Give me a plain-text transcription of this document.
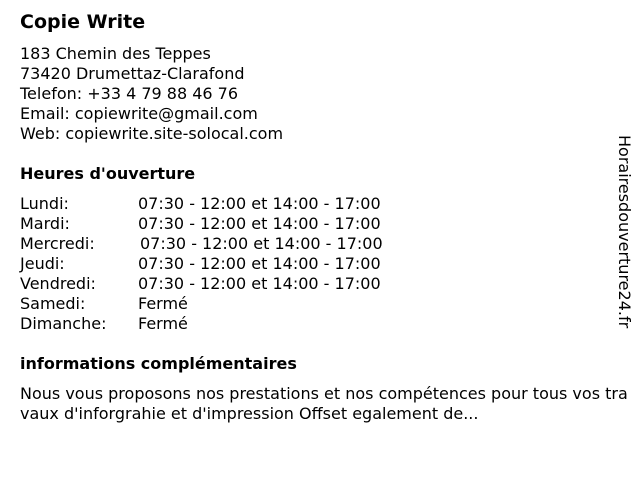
Copie Write
183 Chemin des Teppes
73420 Drumettaz-Clarafond
Telefon: +33 4 79 88 46 76
Email: copiewrite@gmail.com
Web: copiewrite.site-solocal.com
Heures d'ouverture
Lundi:	07:30 - 12:00 et 14:00 - 17:00
Mardi:	07:30 - 12:00 et 14:00 - 17:00
Mercredi:	07:30 - 12:00 et 14:00 - 17:00
Jeudi:	07:30 - 12:00 et 14:00 - 17:00
Vendredi:	07:30 - 12:00 et 14:00 - 17:00
Samedi:	Fermé
Dimanche: Fermé
informations complémentaires
Nous vous proposons nos prestations et nos compétences pour tous vos travaux d'inforgrahie et d'impression Offset egalement de...
Horairesdouverture24.fr
